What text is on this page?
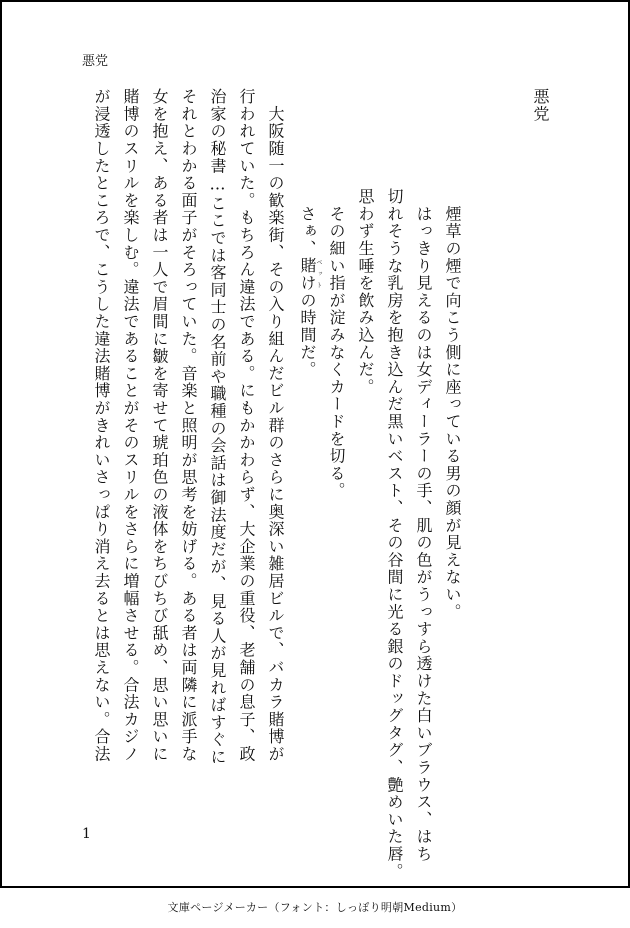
悪党
悪党
　煙草の煙で向こう側に座っている男の顔が見えない。
　はっきり見えるのは女ディーラーの手、肌の色がうっすら透けた白いブラウス、はち
切れそうな乳房を抱き込んだ黒いベスト、その谷間に光る銀のドッグタグ、艶めいた唇。
思わず生唾を飲み込んだ。
　その細い指が淀みなくカードを切る。
　さぁ、賭けベットの時間だ。
　大阪随一の歓楽街、その入り組んだビル群のさらに奥深い雑居ビルで、バカラ賭博が
行われていた。もちろん違法である。にもかかわらず、大企業の重役、老舗の息子、政
治家の秘書…ここでは客同士の名前や職種の会話は御法度だが、見る人が見ればすぐに
それとわかる面子がそろっていた。音楽と照明が思考を妨げる。ある者は両隣に派手な
女を抱え、ある者は一人で眉間に皺を寄せて琥珀色の液体をちびちび舐め、思い思いに
賭博のスリルを楽しむ。違法であることがそのスリルをさらに増幅させる。合法カジノ
が浸透したところで、こうした違法賭博がきれいさっぱり消え去るとは思えない。合法
1
文庫ページメーカー（フォント：しっぽり明朝Medium）
